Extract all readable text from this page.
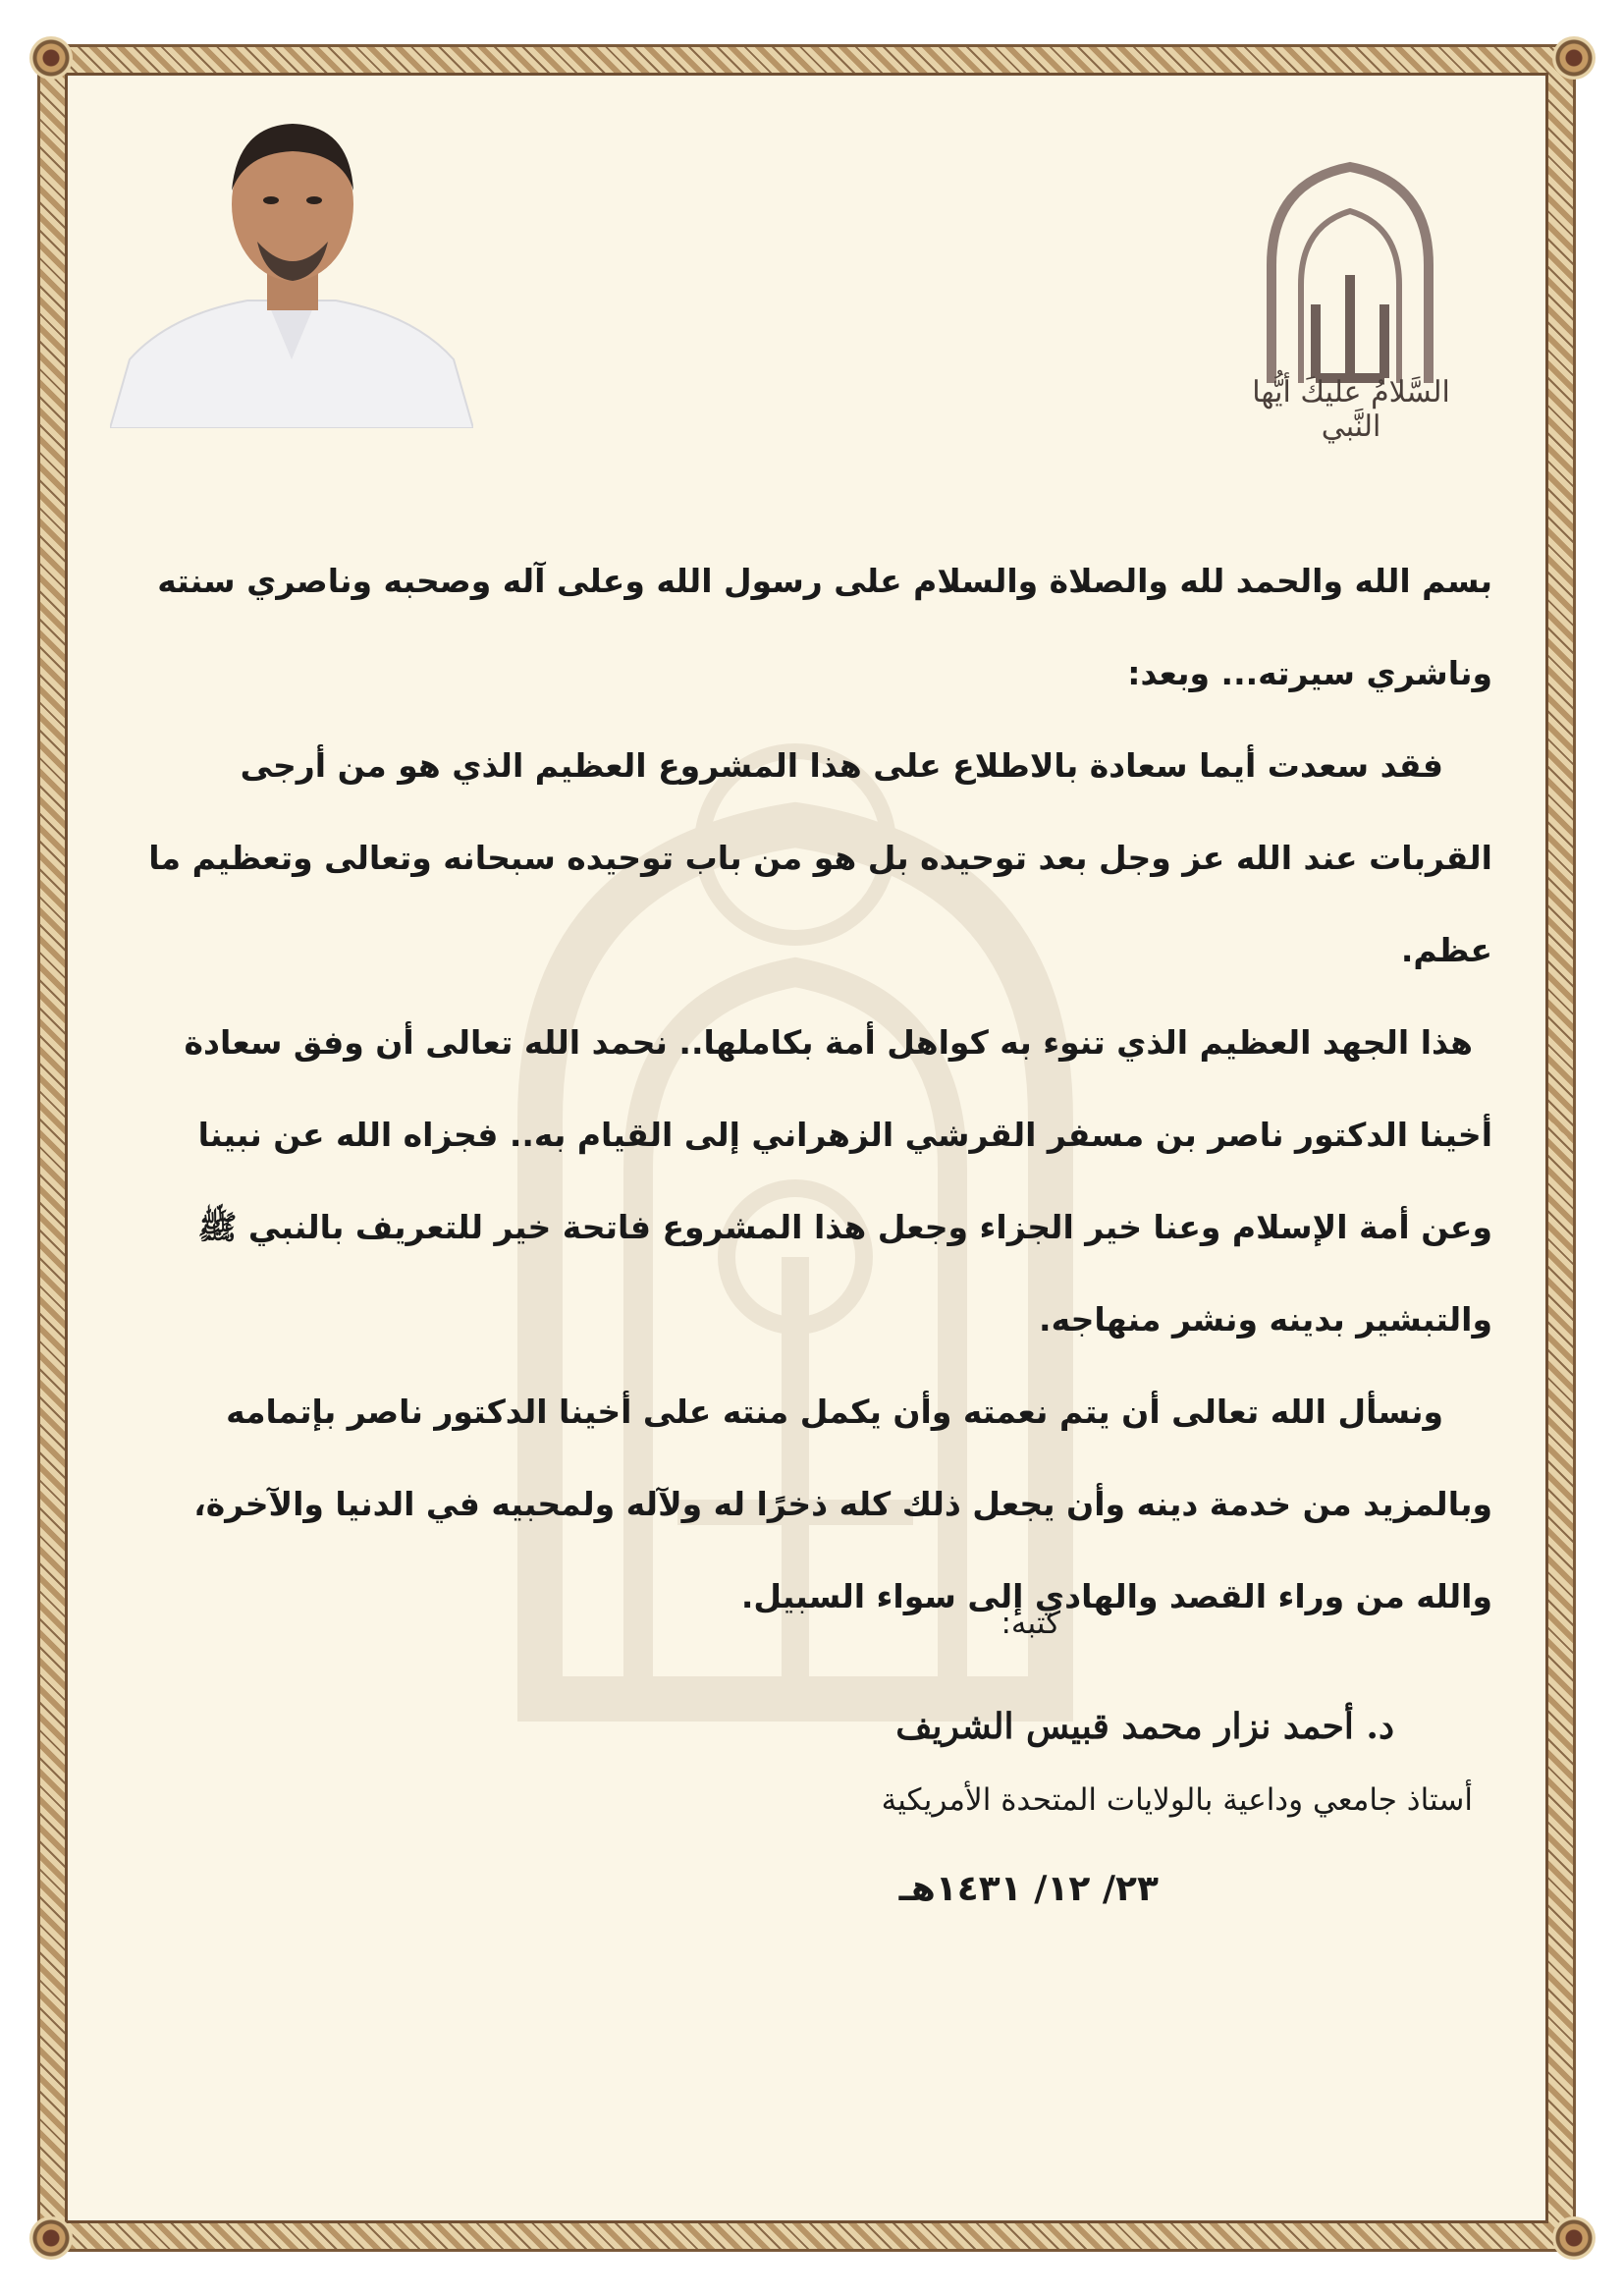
السَّلامُ عليكَ أيُّها النَّبي

بسم الله والحمد لله والصلاة والسلام على رسول الله وعلى آله وصحبه وناصري سنته وناشري سيرته... وبعد:

فقد سعدت أيما سعادة بالاطلاع على هذا المشروع العظيم الذي هو من أرجى القربات عند الله عز وجل بعد توحيده بل هو من باب توحيده سبحانه وتعالى وتعظيم ما عظم.

هذا الجهد العظيم الذي تنوء به كواهل أمة بكاملها.. نحمد الله تعالى أن وفق سعادة أخينا الدكتور ناصر بن مسفر القرشي الزهراني إلى القيام به.. فجزاه الله عن نبينا وعن أمة الإسلام وعنا خير الجزاء وجعل هذا المشروع فاتحة خير للتعريف بالنبي ﷺ والتبشير بدينه ونشر منهاجه.

ونسأل الله تعالى أن يتم نعمته وأن يكمل منته على أخينا الدكتور ناصر بإتمامه وبالمزيد من خدمة دينه وأن يجعل ذلك كله ذخرًا له ولآله ولمحبيه في الدنيا والآخرة، والله من وراء القصد والهادي إلى سواء السبيل.

كتبه:
د. أحمد نزار محمد قبيس الشريف
أستاذ جامعي وداعية بالولايات المتحدة الأمريكية
٢٣/ ١٢/ ١٤٣١هـ
